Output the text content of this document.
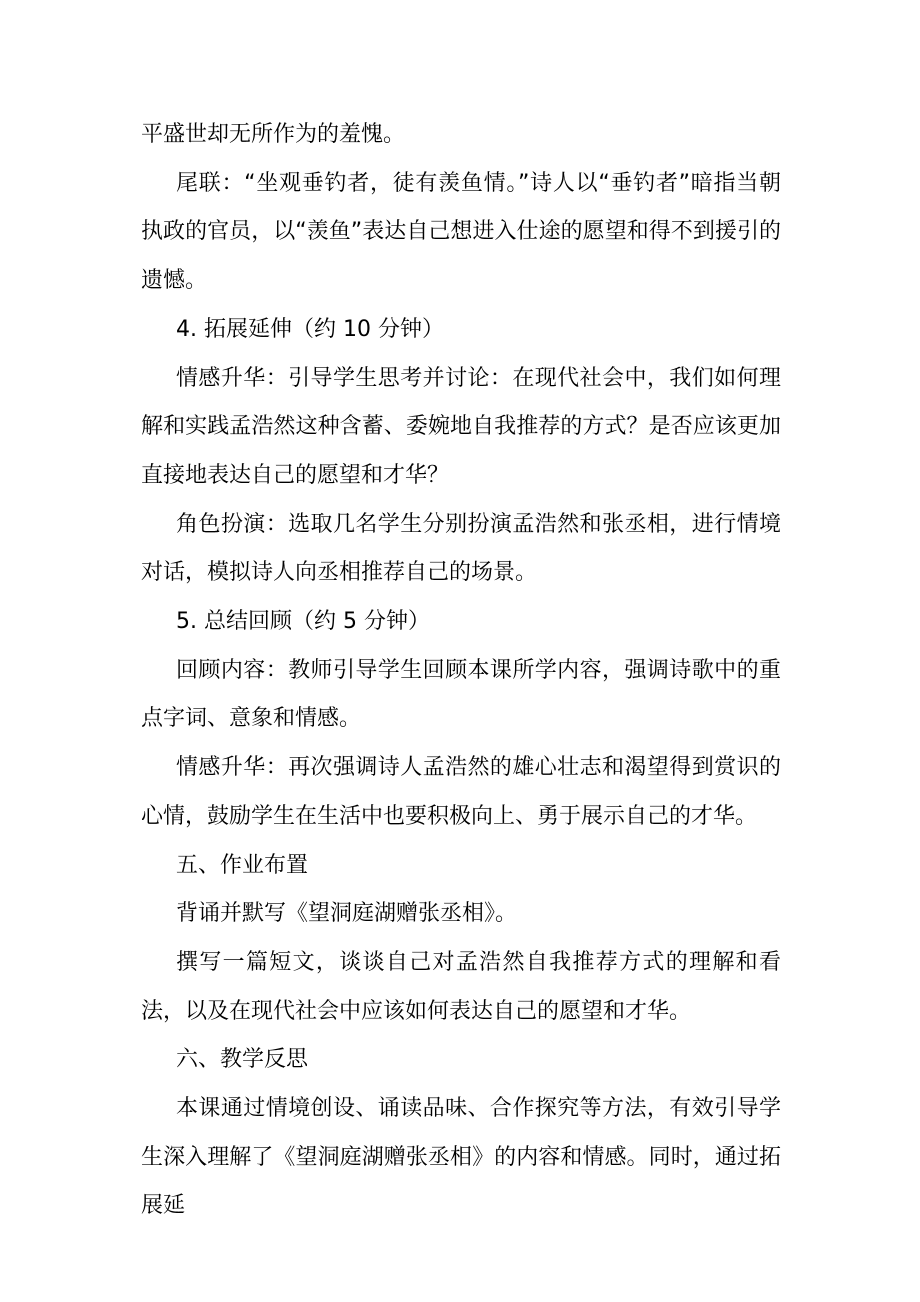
平盛世却无所作为的羞愧。

尾联：“坐观垂钓者，徒有羡鱼情。”诗人以“垂钓者”暗指当朝执政的官员，以“羡鱼”表达自己想进入仕途的愿望和得不到援引的遗憾。

4. 拓展延伸（约 10 分钟）

情感升华：引导学生思考并讨论：在现代社会中，我们如何理解和实践孟浩然这种含蓄、委婉地自我推荐的方式？是否应该更加直接地表达自己的愿望和才华？

角色扮演：选取几名学生分别扮演孟浩然和张丞相，进行情境对话，模拟诗人向丞相推荐自己的场景。

5. 总结回顾（约 5 分钟）

回顾内容：教师引导学生回顾本课所学内容，强调诗歌中的重点字词、意象和情感。

情感升华：再次强调诗人孟浩然的雄心壮志和渴望得到赏识的心情，鼓励学生在生活中也要积极向上、勇于展示自己的才华。

五、作业布置

背诵并默写《望洞庭湖赠张丞相》。

撰写一篇短文，谈谈自己对孟浩然自我推荐方式的理解和看法，以及在现代社会中应该如何表达自己的愿望和才华。

六、教学反思

本课通过情境创设、诵读品味、合作探究等方法，有效引导学生深入理解了《望洞庭湖赠张丞相》的内容和情感。同时，通过拓展延
